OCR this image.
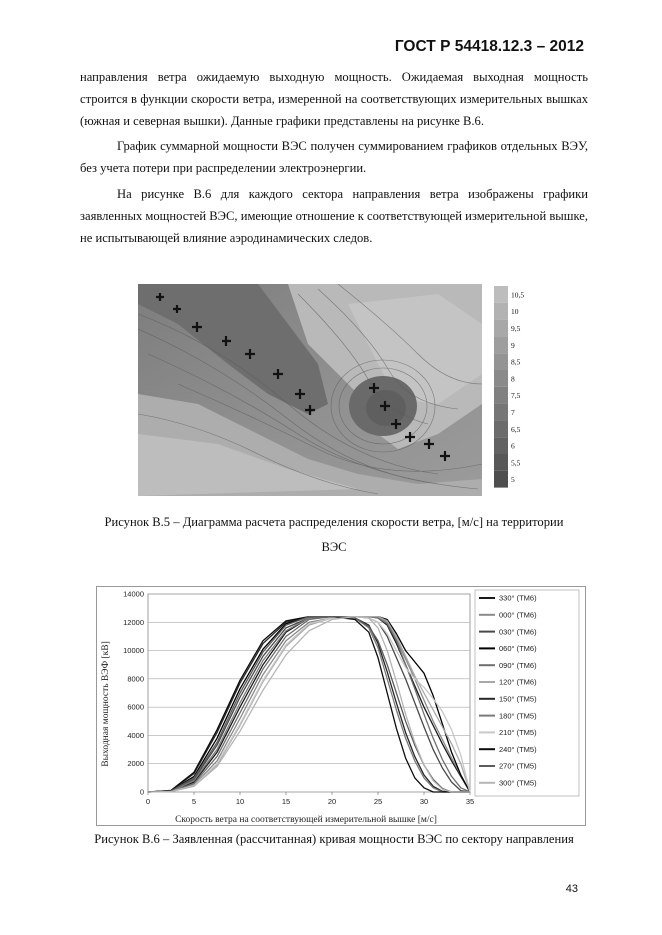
ГОСТ Р 54418.12.3 – 2012

направления ветра ожидаемую выходную мощность. Ожидаемая выходная мощность строится в функции скорости ветра, измеренной на соответствующих измерительных вышках (южная и северная вышки). Данные графики представлены на рисунке В.6.

График суммарной мощности ВЭС получен суммированием графиков отдельных ВЭУ, без учета потери при распределении электроэнергии.

На рисунке В.6 для каждого сектора направления ветра изображены графики заявленных мощностей ВЭС, имеющие отношение к соответствующей измерительной вышке, не испытывающей влияние аэродинамических следов.

10,5
10
9,5
9
8,5
8
7,5
7
6,5
6
5,5
5
Рисунок В.5 – Диаграмма расчета распределения скорости ветра, [м/с] на территории
ВЭС
0
2000
4000
6000
8000
10000
12000
14000
0	5	10	15	20	25	30	35
330° (ТМ6)
000° (ТМ6)
030° (ТМ6)
060° (ТМ6)
090° (ТМ6)
120° (ТМ6)
150° (ТМ5)
180° (ТМ5)
210° (ТМ5)
240° (ТМ5)
270° (ТМ5)
300° (ТМ5)
Выходная мощность ВЭФ [кВ]
Скорость ветра на соответствующей измерительной вышке [м/с]
Рисунок В.6 – Заявленная (рассчитанная) кривая мощности ВЭС по сектору направления
43
